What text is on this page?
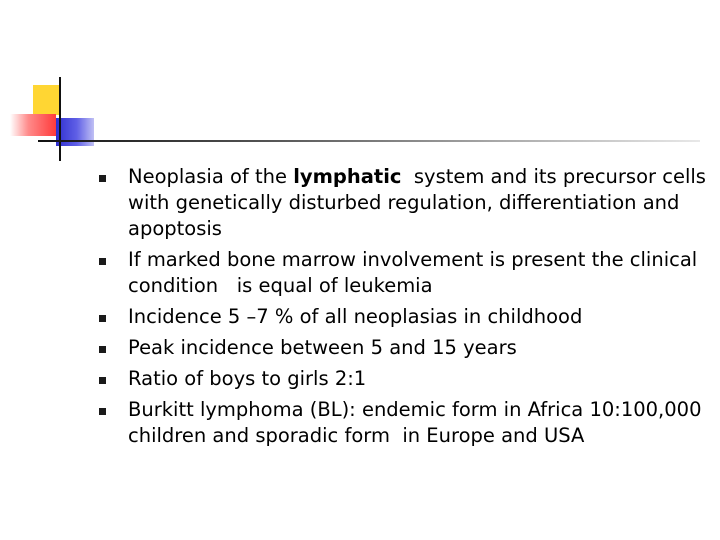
Neoplasia of the lymphatic  system and its precursor cells with genetically disturbed regulation, differentiation and apoptosis
If marked bone marrow involvement is present the clinical condition   is equal of leukemia
Incidence 5 –7 % of all neoplasias in childhood
Peak incidence between 5 and 15 years
Ratio of boys to girls 2:1
Burkitt lymphoma (BL): endemic form in Africa 10:100,000 children and sporadic form  in Europe and USA
